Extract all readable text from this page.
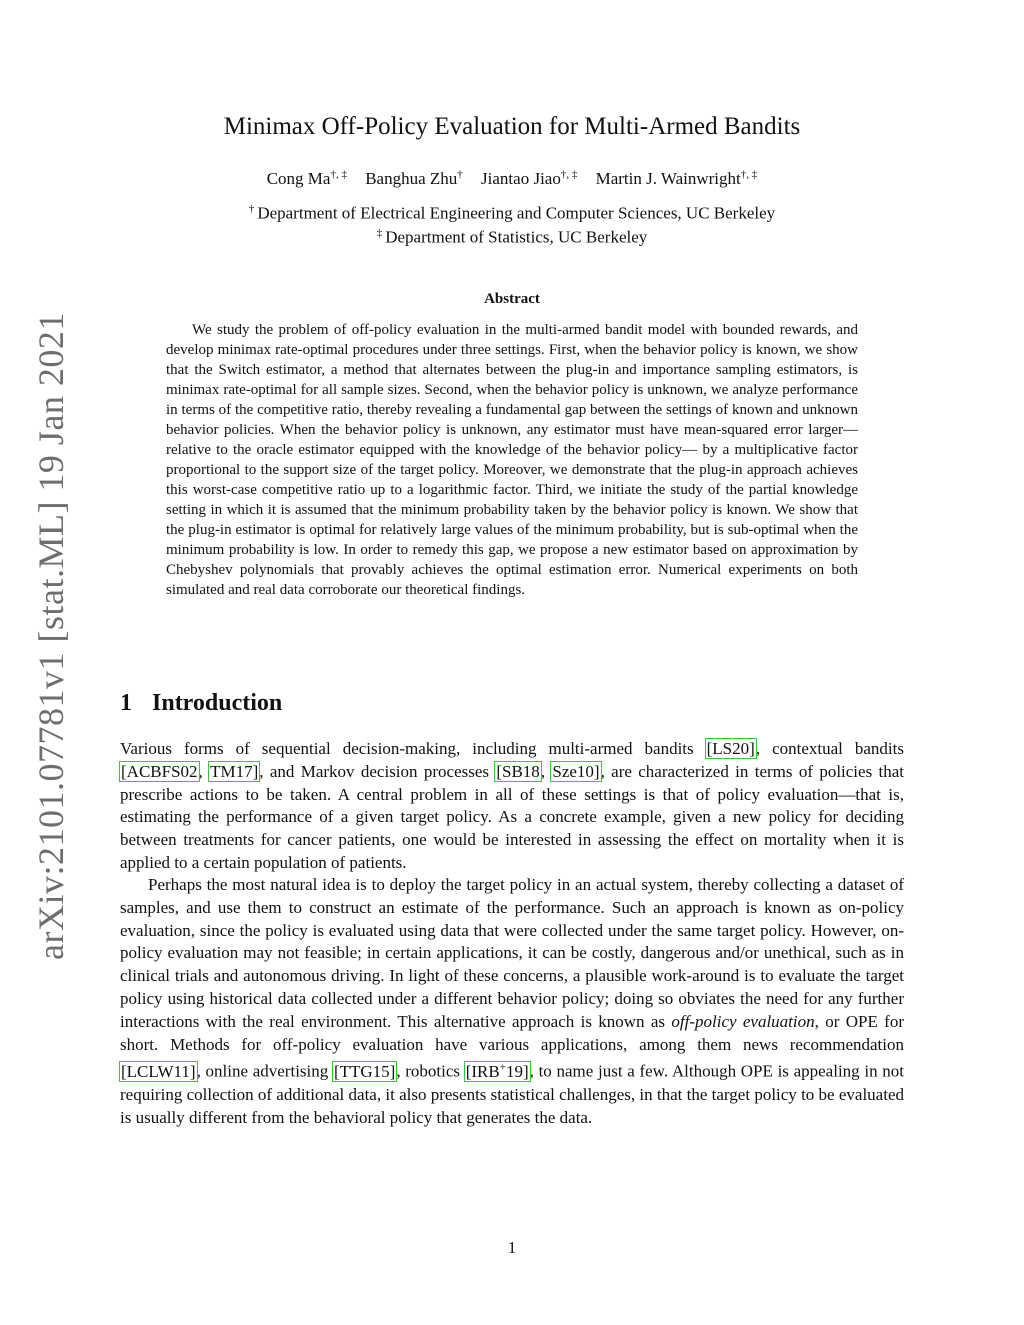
arXiv:2101.07781v1 [stat.ML] 19 Jan 2021
Minimax Off-Policy Evaluation for Multi-Armed Bandits
Cong Ma†, ‡ Banghua Zhu† Jiantao Jiao†, ‡ Martin J. Wainwright†, ‡
† Department of Electrical Engineering and Computer Sciences, UC Berkeley
‡ Department of Statistics, UC Berkeley
Abstract

We study the problem of off-policy evaluation in the multi-armed bandit model with bounded rewards, and develop minimax rate-optimal procedures under three settings. First, when the behavior policy is known, we show that the Switch estimator, a method that alternates between the plug-in and importance sampling estimators, is minimax rate-optimal for all sample sizes. Second, when the behavior policy is unknown, we analyze performance in terms of the competitive ratio, thereby revealing a fundamental gap between the settings of known and unknown behavior policies. When the behavior policy is unknown, any estimator must have mean-squared error larger—relative to the oracle estimator equipped with the knowledge of the behavior policy— by a multiplicative factor proportional to the support size of the target policy. Moreover, we demonstrate that the plug-in approach achieves this worst-case competitive ratio up to a logarithmic factor. Third, we initiate the study of the partial knowledge setting in which it is assumed that the minimum probability taken by the behavior policy is known. We show that the plug-in estimator is optimal for relatively large values of the minimum probability, but is sub-optimal when the minimum probability is low. In order to remedy this gap, we propose a new estimator based on approximation by Chebyshev polynomials that provably achieves the optimal estimation error. Numerical experiments on both simulated and real data corroborate our theoretical findings.

1 Introduction

Various forms of sequential decision-making, including multi-armed bandits [LS20], contextual bandits [ACBFS02, TM17], and Markov decision processes [SB18, Sze10], are characterized in terms of policies that prescribe actions to be taken. A central problem in all of these settings is that of policy evaluation—that is, estimating the performance of a given target policy. As a concrete example, given a new policy for deciding between treatments for cancer patients, one would be interested in assessing the effect on mortality when it is applied to a certain population of patients.

Perhaps the most natural idea is to deploy the target policy in an actual system, thereby collecting a dataset of samples, and use them to construct an estimate of the performance. Such an approach is known as on-policy evaluation, since the policy is evaluated using data that were collected under the same target policy. However, on-policy evaluation may not feasible; in certain applications, it can be costly, dangerous and/or unethical, such as in clinical trials and autonomous driving. In light of these concerns, a plausible work-around is to evaluate the target policy using historical data collected under a different behavior policy; doing so obviates the need for any further interactions with the real environment. This alternative approach is known as off-policy evaluation, or OPE for short. Methods for off-policy evaluation have various applications, among them news recommendation [LCLW11], online advertising [TTG15], robotics [IRB+19], to name just a few. Although OPE is appealing in not requiring collection of additional data, it also presents statistical challenges, in that the target policy to be evaluated is usually different from the behavioral policy that generates the data.

1
